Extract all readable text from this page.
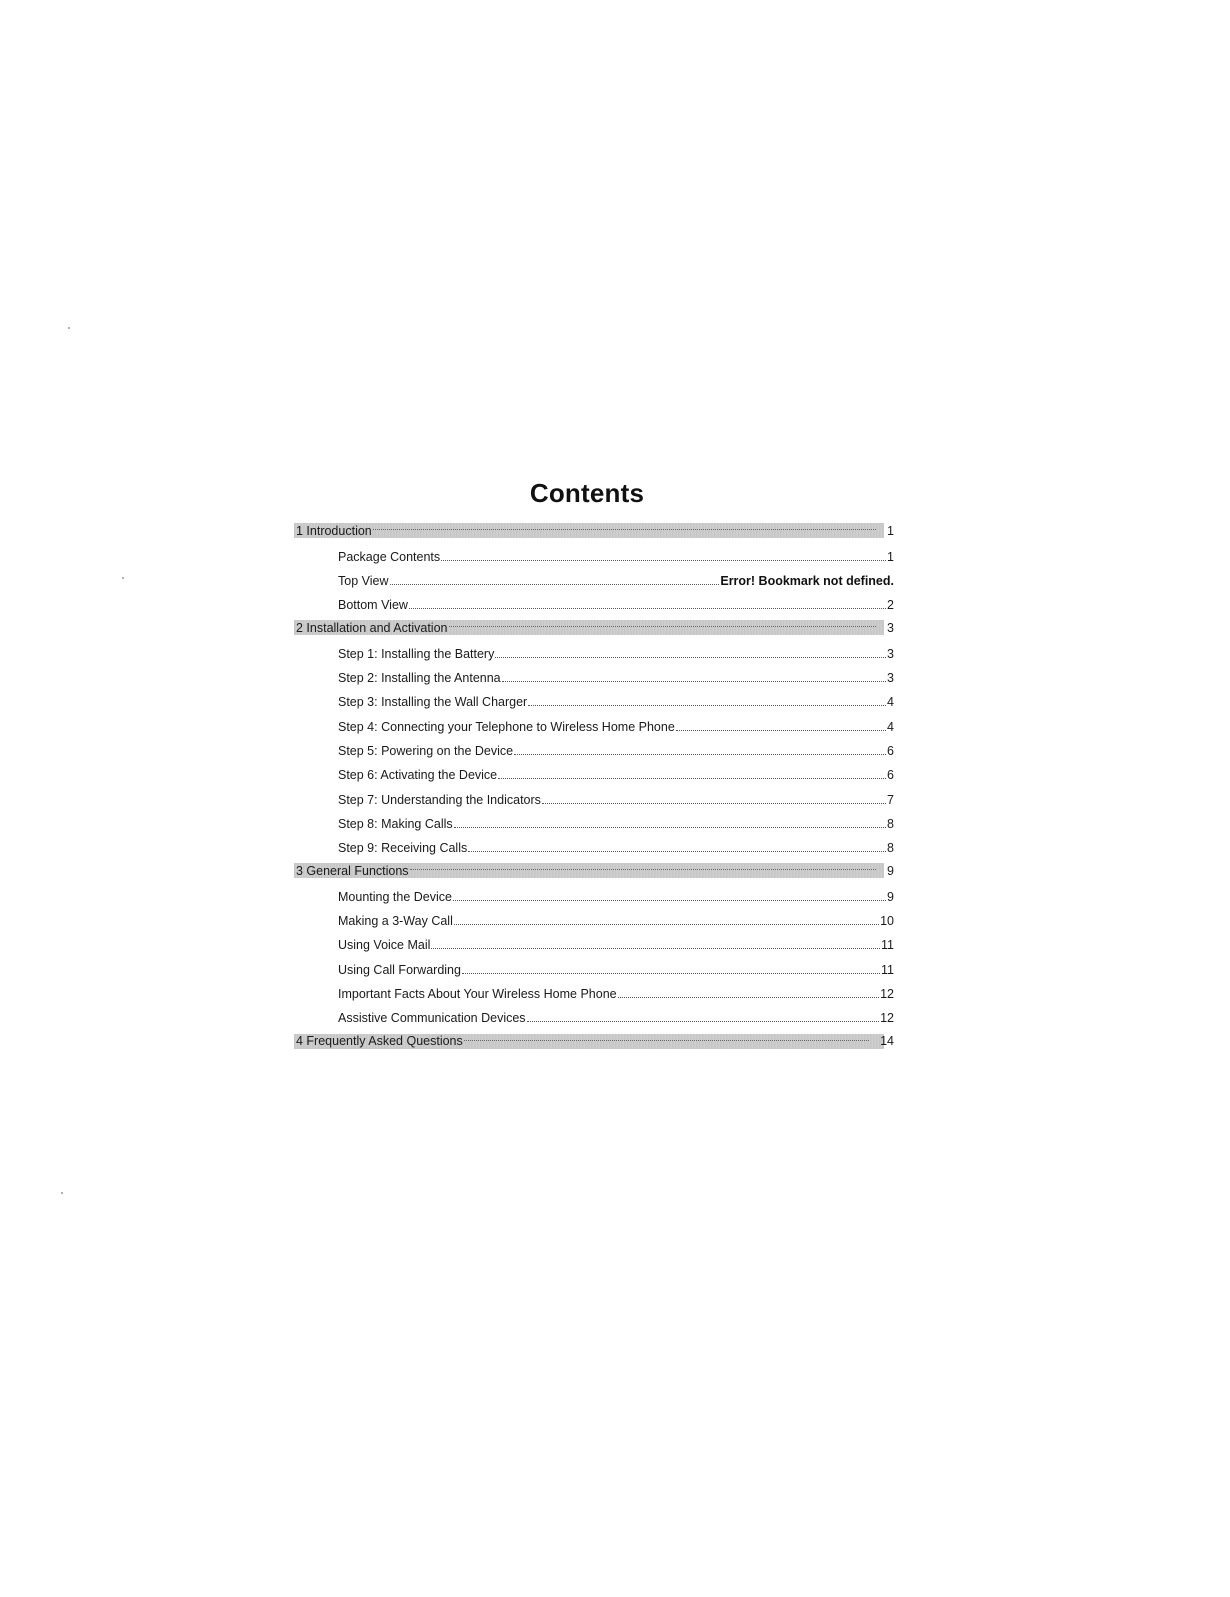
Contents
1 Introduction	1
Package Contents	1
Top View	Error! Bookmark not defined.
Bottom View	2
2 Installation and Activation	3
Step 1: Installing the Battery	3
Step 2: Installing the Antenna	3
Step 3: Installing the Wall Charger	4
Step 4: Connecting your Telephone to Wireless Home Phone	4
Step 5: Powering on the Device	6
Step 6: Activating the Device	6
Step 7: Understanding the Indicators	7
Step 8: Making Calls	8
Step 9: Receiving Calls	8
3 General Functions	9
Mounting the Device	9
Making a 3-Way Call	10
Using Voice Mail	11
Using Call Forwarding	11
Important Facts About Your Wireless Home Phone	12
Assistive Communication Devices	12
4 Frequently Asked Questions	14
